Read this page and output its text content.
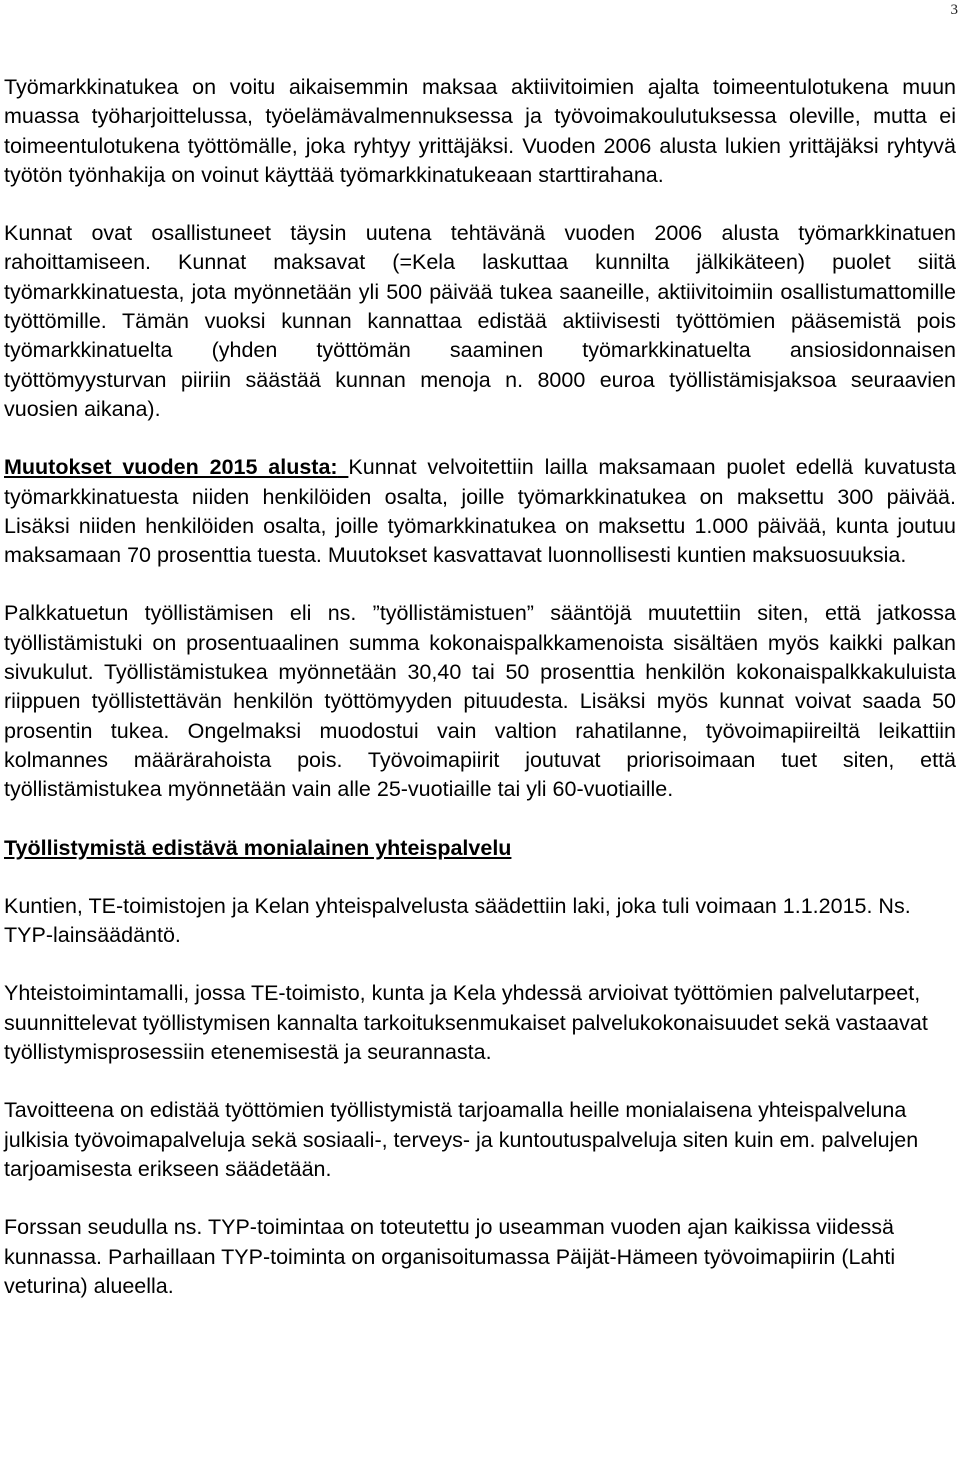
3

Työmarkkinatukea on voitu aikaisemmin maksaa aktiivitoimien ajalta toimeentulotukena muun muassa työharjoittelussa, työelämävalmennuksessa ja työvoimakoulutuksessa oleville, mutta ei toimeentulotukena työttömälle, joka ryhtyy yrittäjäksi. Vuoden 2006 alusta lukien yrittäjäksi ryhtyvä työtön työnhakija on voinut käyttää työmarkkinatukeaan starttirahana.

Kunnat ovat osallistuneet täysin uutena tehtävänä vuoden 2006 alusta työmarkkinatuen rahoittamiseen. Kunnat maksavat (=Kela laskuttaa kunnilta jälkikäteen) puolet siitä työmarkkinatuesta, jota myönnetään yli 500 päivää tukea saaneille, aktiivitoimiin osallistumattomille työttömille. Tämän vuoksi kunnan kannattaa edistää aktiivisesti työttömien pääsemistä pois työmarkkinatuelta (yhden työttömän saaminen työmarkkinatuelta ansiosidonnaisen työttömyysturvan piiriin säästää kunnan menoja n. 8000 euroa työllistämisjaksoa seuraavien vuosien aikana).

Muutokset vuoden 2015 alusta: Kunnat velvoitettiin lailla maksamaan puolet edellä kuvatusta työmarkkinatuesta niiden henkilöiden osalta, joille työmarkkinatukea on maksettu 300 päivää. Lisäksi niiden henkilöiden osalta, joille työmarkkinatukea on maksettu 1.000 päivää, kunta joutuu maksamaan 70 prosenttia tuesta. Muutokset kasvattavat luonnollisesti kuntien maksuosuuksia.

Palkkatuetun työllistämisen eli ns. ”työllistämistuen” sääntöjä muutettiin siten, että jatkossa työllistämistuki on prosentuaalinen summa kokonaispalkkamenoista sisältäen myös kaikki palkan sivukulut. Työllistämistukea myönnetään 30,40 tai 50 prosenttia henkilön kokonaispalkkakuluista riippuen työllistettävän henkilön työttömyyden pituudesta. Lisäksi myös kunnat voivat saada 50 prosentin tukea. Ongelmaksi muodostui vain valtion rahatilanne, työvoimapiireiltä leikattiin kolmannes määrärahoista pois. Työvoimapiirit joutuvat priorisoimaan tuet siten, että työllistämistukea myönnetään vain alle 25-vuotiaille tai yli 60-vuotiaille.

Työllistymistä edistävä monialainen yhteispalvelu

Kuntien, TE-toimistojen ja Kelan yhteispalvelusta säädettiin laki, joka tuli voimaan 1.1.2015. Ns. TYP-lainsäädäntö.

Yhteistoimintamalli, jossa TE-toimisto, kunta ja Kela yhdessä arvioivat työttömien palvelutarpeet, suunnittelevat työllistymisen kannalta tarkoituksenmukaiset palvelukokonaisuudet sekä vastaavat työllistymisprosessiin etenemisestä ja seurannasta.

Tavoitteena on edistää työttömien työllistymistä tarjoamalla heille monialaisena yhteispalveluna julkisia työvoimapalveluja sekä sosiaali-, terveys- ja kuntoutuspalveluja siten kuin em. palvelujen tarjoamisesta erikseen säädetään.

Forssan seudulla ns. TYP-toimintaa on toteutettu jo useamman vuoden ajan kaikissa viidessä kunnassa. Parhaillaan TYP-toiminta on organisoitumassa Päijät-Hämeen työvoimapiirin (Lahti veturina) alueella.
